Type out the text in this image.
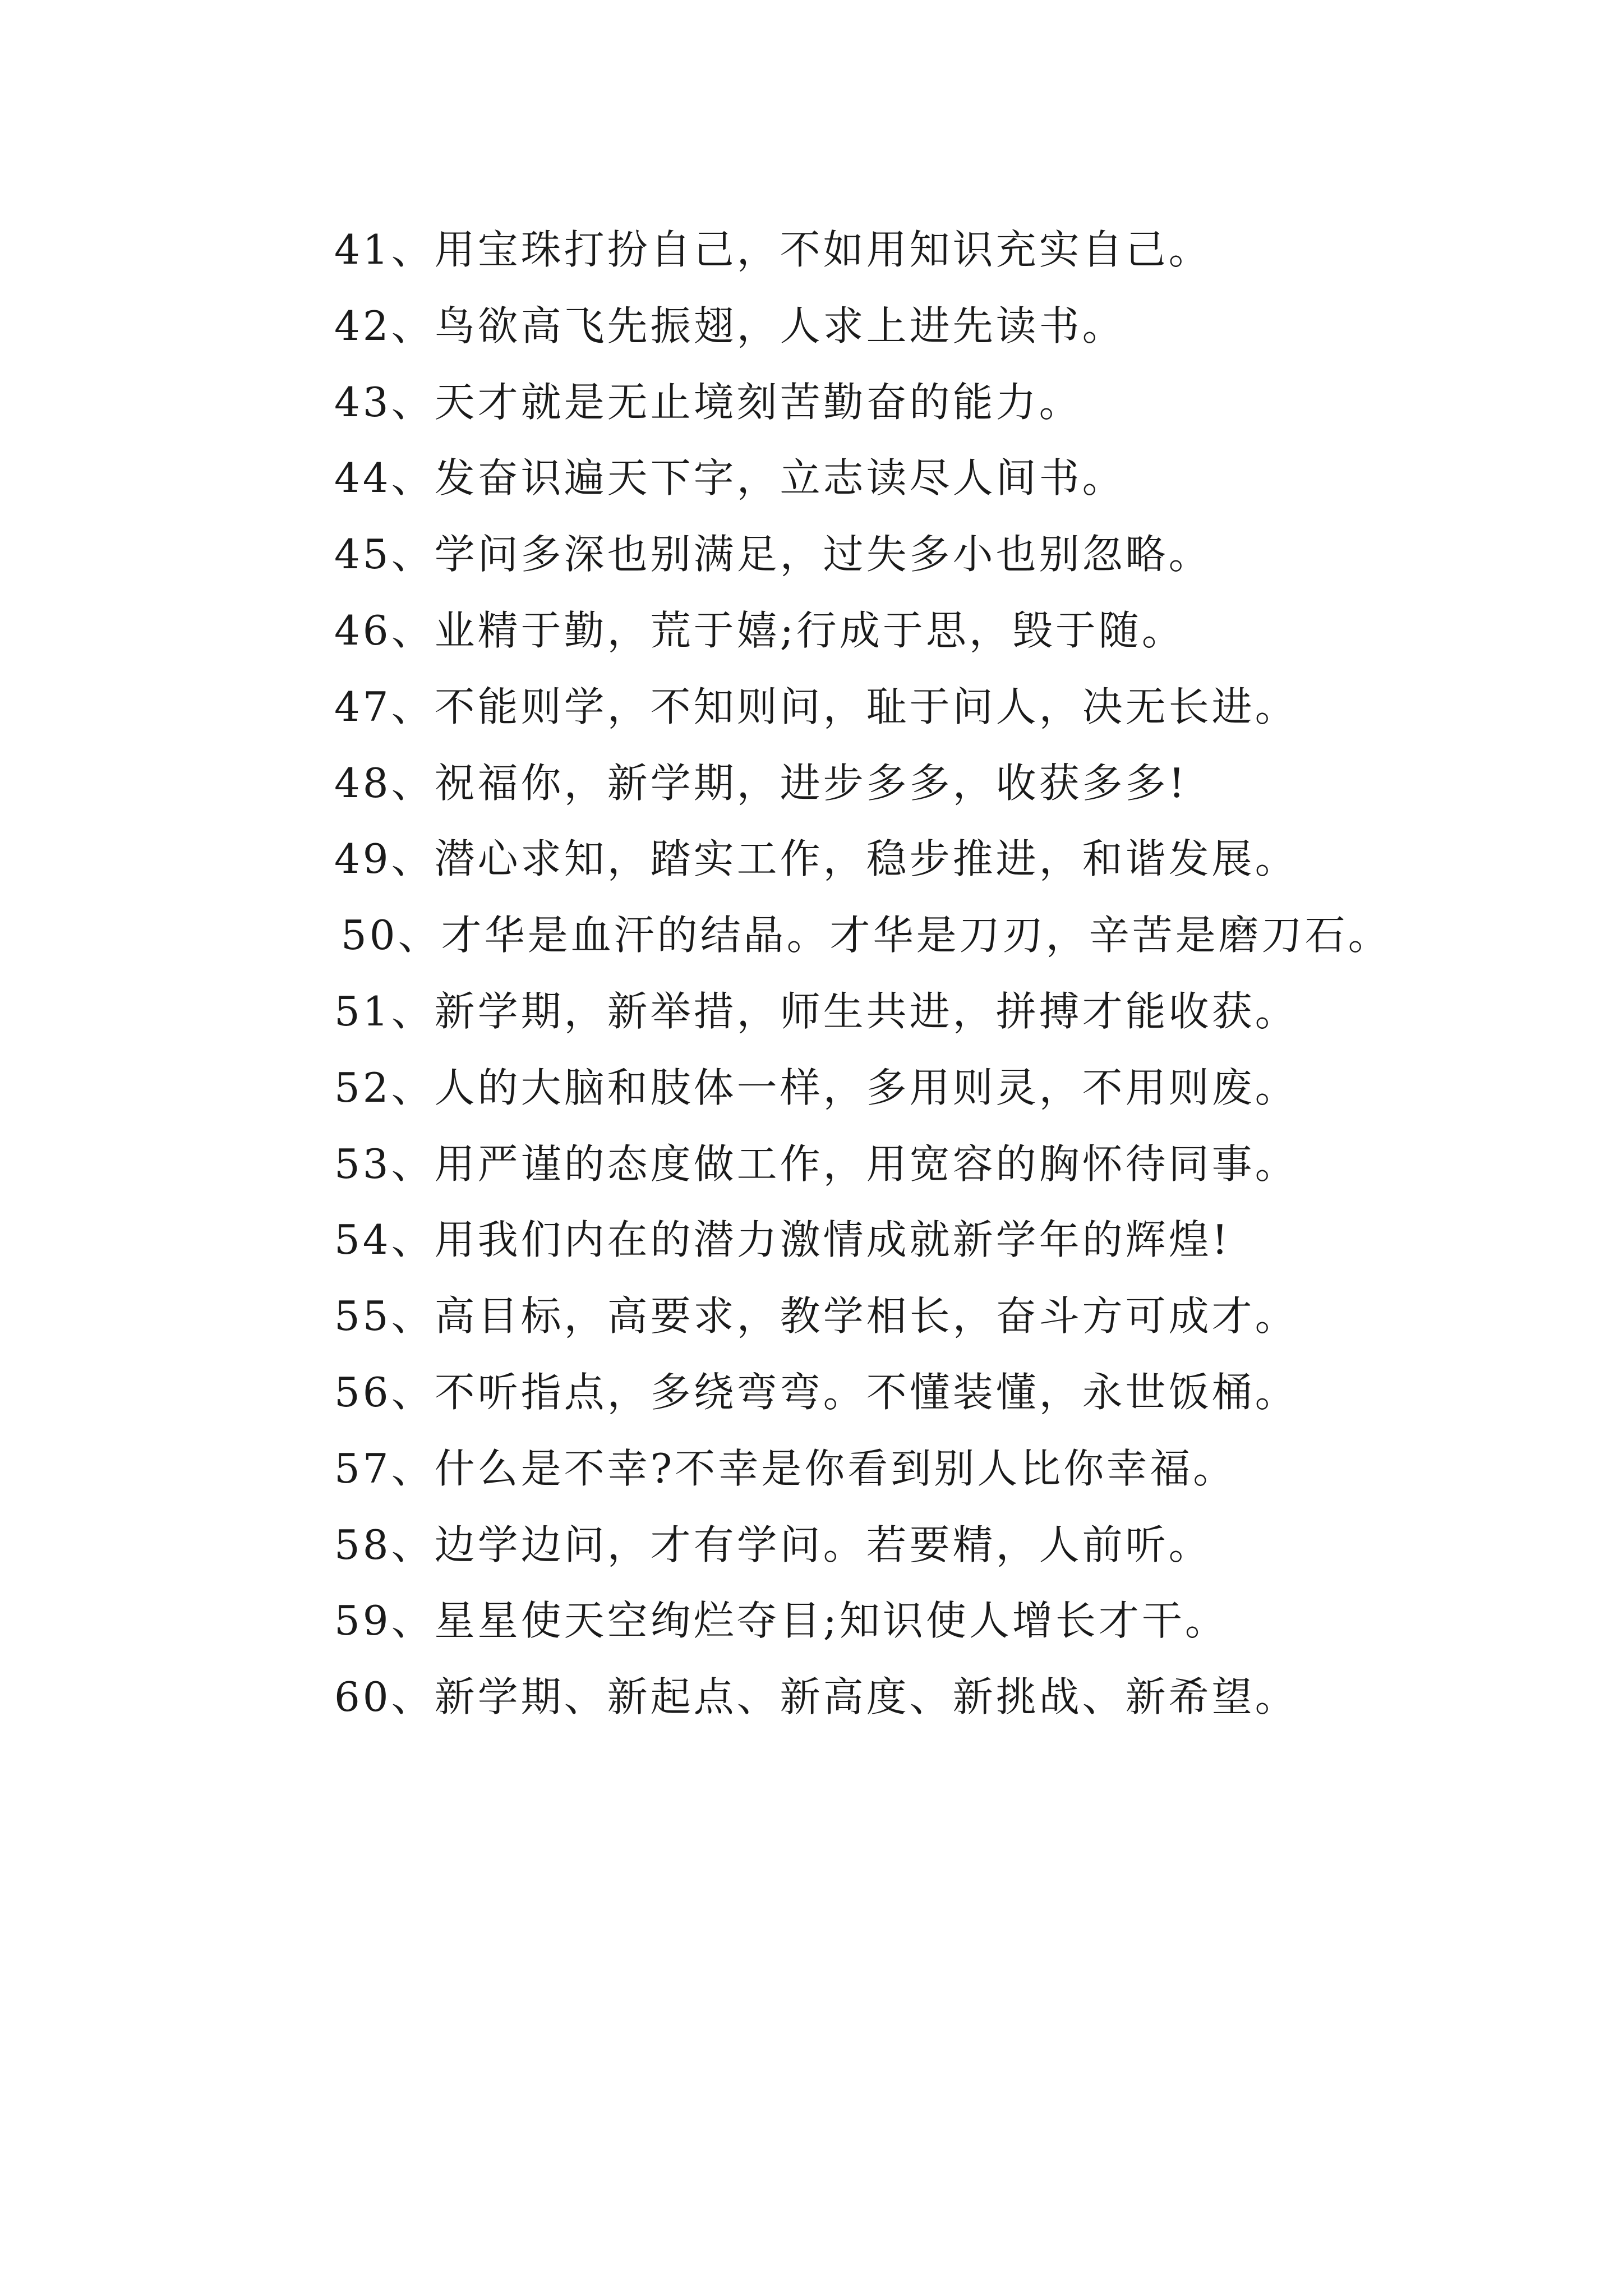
41、用宝珠打扮自己，不如用知识充实自己。
42、鸟欲高飞先振翅，人求上进先读书。
43、天才就是无止境刻苦勤奋的能力。
44、发奋识遍天下字，立志读尽人间书。
45、学问多深也别满足，过失多小也别忽略。
46、业精于勤，荒于嬉;行成于思，毁于随。
47、不能则学，不知则问，耻于问人，决无长进。
48、祝福你，新学期，进步多多，收获多多!
49、潜心求知，踏实工作，稳步推进，和谐发展。
50、才华是血汗的结晶。才华是刀刃，辛苦是磨刀石。
51、新学期，新举措，师生共进，拼搏才能收获。
52、人的大脑和肢体一样，多用则灵，不用则废。
53、用严谨的态度做工作，用宽容的胸怀待同事。
54、用我们内在的潜力激情成就新学年的辉煌!
55、高目标，高要求，教学相长，奋斗方可成才。
56、不听指点，多绕弯弯。不懂装懂，永世饭桶。
57、什么是不幸?不幸是你看到别人比你幸福。
58、边学边问，才有学问。若要精，人前听。
59、星星使天空绚烂夺目;知识使人增长才干。
60、新学期、新起点、新高度、新挑战、新希望。
